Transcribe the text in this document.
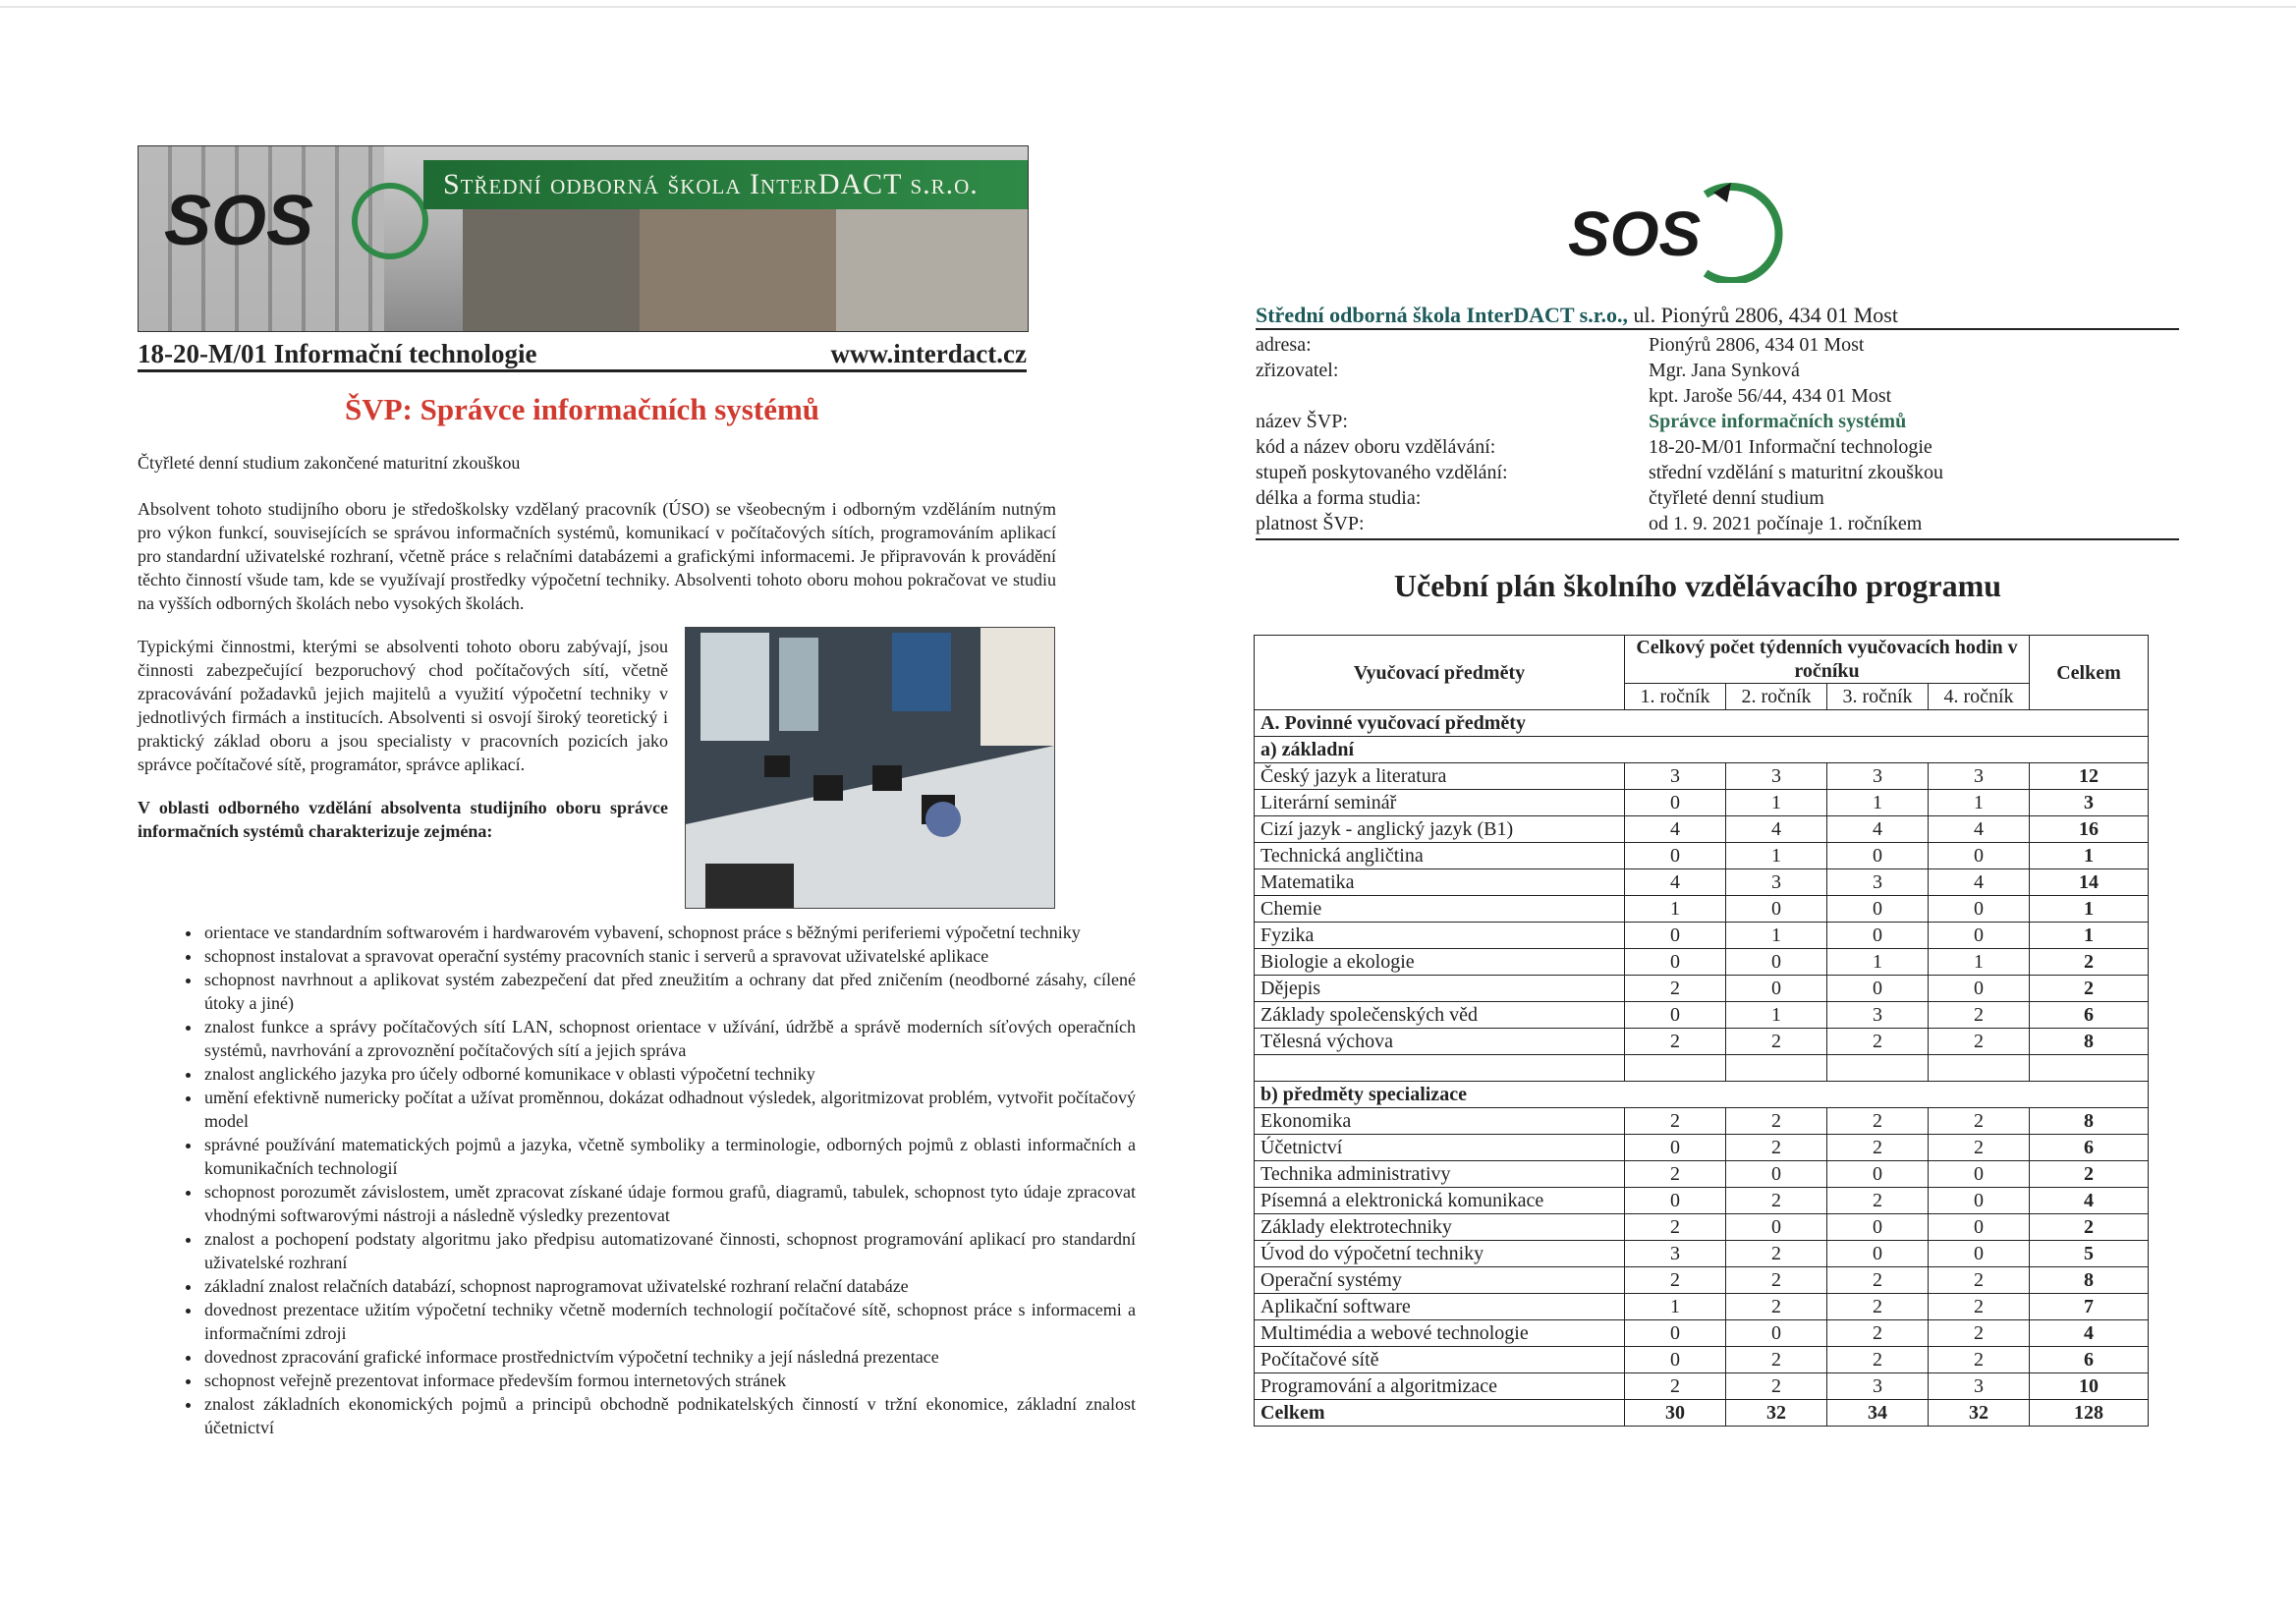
SOS	Střední odborná škola InterDACT s.r.o.
18-20-M/01 Informační technologie	www.interdact.cz
ŠVP: Správce informačních systémů
Čtyřleté denní studium zakončené maturitní zkouškou
Absolvent tohoto studijního oboru je středoškolsky vzdělaný pracovník (ÚSO) se všeobecným i odborným vzděláním nutným pro výkon funkcí, souvisejících se správou informačních systémů, komunikací v počítačových sítích, programováním aplikací pro standardní uživatelské rozhraní, včetně práce s relačními databázemi a grafickými informacemi. Je připravován k provádění těchto činností všude tam, kde se využívají prostředky výpočetní techniky. Absolventi tohoto oboru mohou pokračovat ve studiu na vyšších odborných školách nebo vysokých školách.
Typickými činnostmi, kterými se absolventi tohoto oboru zabývají, jsou činnosti zabezpečující bezporuchový chod počítačových sítí, včetně zpracovávání požadavků jejich majitelů a využití výpočetní techniky v jednotlivých firmách a institucích. Absolventi si osvojí široký teoretický i praktický základ oboru a jsou specialisty v pracovních pozicích jako správce počítačové sítě, programátor, správce aplikací.
V oblasti odborného vzdělání absolventa studijního oboru správce informačních systémů charakterizuje zejména:
• orientace ve standardním softwarovém i hardwarovém vybavení, schopnost práce s běžnými periferiemi výpočetní techniky
• schopnost instalovat a spravovat operační systémy pracovních stanic i serverů a spravovat uživatelské aplikace
• schopnost navrhnout a aplikovat systém zabezpečení dat před zneužitím a ochrany dat před zničením (neodborné zásahy, cílené útoky a jiné)
• znalost funkce a správy počítačových sítí LAN, schopnost orientace v užívání, údržbě a správě moderních síťových operačních systémů, navrhování a zprovoznění počítačových sítí a jejich správa
• znalost anglického jazyka pro účely odborné komunikace v oblasti výpočetní techniky
• umění efektivně numericky počítat a užívat proměnnou, dokázat odhadnout výsledek, algoritmizovat problém, vytvořit počítačový model
• správné používání matematických pojmů a jazyka, včetně symboliky a terminologie, odborných pojmů z oblasti informačních a komunikačních technologií
• schopnost porozumět závislostem, umět zpracovat získané údaje formou grafů, diagramů, tabulek, schopnost tyto údaje zpracovat vhodnými softwarovými nástroji a následně výsledky prezentovat
• znalost a pochopení podstaty algoritmu jako předpisu automatizované činnosti, schopnost programování aplikací pro standardní uživatelské rozhraní
• základní znalost relačních databází, schopnost naprogramovat uživatelské rozhraní relační databáze
• dovednost prezentace užitím výpočetní techniky včetně moderních technologií počítačové sítě, schopnost práce s informacemi a informačními zdroji
• dovednost zpracování grafické informace prostřednictvím výpočetní techniky a její následná prezentace
• schopnost veřejně prezentovat informace především formou internetových stránek
• znalost základních ekonomických pojmů a principů obchodně podnikatelských činností v tržní ekonomice, základní znalost účetnictví
SOS
Střední odborná škola InterDACT s.r.o., ul. Pionýrů 2806, 434 01 Most
adresa:	Pionýrů 2806, 434 01 Most
zřizovatel:	Mgr. Jana Synková
kpt. Jaroše 56/44, 434 01 Most
název ŠVP:	Správce informačních systémů
kód a název oboru vzdělávání:	18-20-M/01 Informační technologie
stupeň poskytovaného vzdělání:	střední vzdělání s maturitní zkouškou
délka a forma studia:	čtyřleté denní studium
platnost ŠVP:	od 1. 9. 2021 počínaje 1. ročníkem
Učební plán školního vzdělávacího programu
Vyučovací předměty	Celkový počet týdenních vyučovacích hodin v ročníku				Celkem
	1. ročník	2. ročník	3. ročník	4. ročník	
A. Povinné vyučovací předměty					
a) základní					
Český jazyk a literatura	3	3	3	3	12
Literární seminář	0	1	1	1	3
Cizí jazyk - anglický jazyk (B1)	4	4	4	4	16
Technická angličtina	0	1	0	0	1
Matematika	4	3	3	4	14
Chemie	1	0	0	0	1
Fyzika	0	1	0	0	1
Biologie a ekologie	0	0	1	1	2
Dějepis	2	0	0	0	2
Základy společenských věd	0	1	3	2	6
Tělesná výchova	2	2	2	2	8

b) předměty specializace					
Ekonomika	2	2	2	2	8
Účetnictví	0	2	2	2	6
Technika administrativy	2	0	0	0	2
Písemná a elektronická komunikace	0	2	2	0	4
Základy elektrotechniky	2	0	0	0	2
Úvod do výpočetní techniky	3	2	0	0	5
Operační systémy	2	2	2	2	8
Aplikační software	1	2	2	2	7
Multimédia a webové technologie	0	0	2	2	4
Počítačové sítě	0	2	2	2	6
Programování a algoritmizace	2	2	3	3	10
Celkem	30	32	34	32	128
